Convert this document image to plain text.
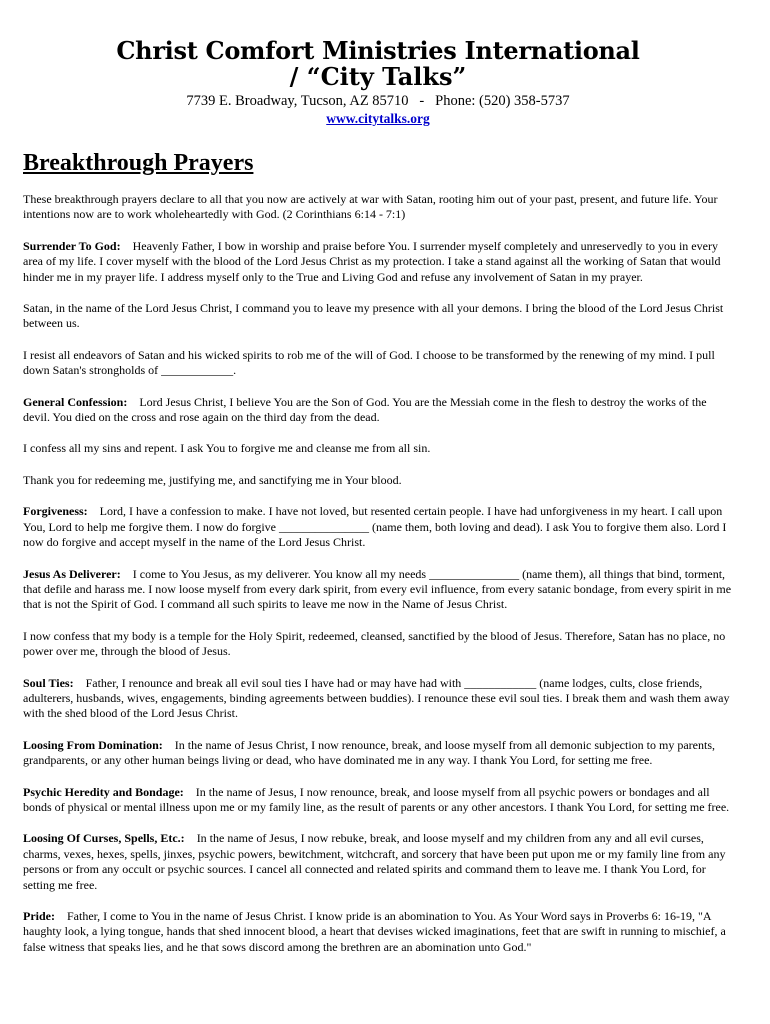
Christ Comfort Ministries International
/ “City Talks”
7739 E. Broadway, Tucson, AZ 85710   -   Phone: (520) 358-5737
www.citytalks.org
Breakthrough Prayers
These breakthrough prayers declare to all that you now are actively at war with Satan, rooting him out of your past, present, and future life. Your intentions now are to work wholeheartedly with God. (2 Corinthians 6:14 - 7:1)
Surrender To God: Heavenly Father, I bow in worship and praise before You. I surrender myself completely and unreservedly to you in every area of my life. I cover myself with the blood of the Lord Jesus Christ as my protection. I take a stand against all the working of Satan that would hinder me in my prayer life. I address myself only to the True and Living God and refuse any involvement of Satan in my prayer.
Satan, in the name of the Lord Jesus Christ, I command you to leave my presence with all your demons. I bring the blood of the Lord Jesus Christ between us.
I resist all endeavors of Satan and his wicked spirits to rob me of the will of God. I choose to be transformed by the renewing of my mind. I pull down Satan's strongholds of ____________.
General Confession: Lord Jesus Christ, I believe You are the Son of God. You are the Messiah come in the flesh to destroy the works of the devil. You died on the cross and rose again on the third day from the dead.
I confess all my sins and repent. I ask You to forgive me and cleanse me from all sin.
Thank you for redeeming me, justifying me, and sanctifying me in Your blood.
Forgiveness: Lord, I have a confession to make. I have not loved, but resented certain people. I have had unforgiveness in my heart. I call upon You, Lord to help me forgive them. I now do forgive _______________ (name them, both loving and dead). I ask You to forgive them also. Lord I now do forgive and accept myself in the name of the Lord Jesus Christ.
Jesus As Deliverer: I come to You Jesus, as my deliverer. You know all my needs _______________ (name them), all things that bind, torment, that defile and harass me. I now loose myself from every dark spirit, from every evil influence, from every satanic bondage, from every spirit in me that is not the Spirit of God. I command all such spirits to leave me now in the Name of Jesus Christ.
I now confess that my body is a temple for the Holy Spirit, redeemed, cleansed, sanctified by the blood of Jesus. Therefore, Satan has no place, no power over me, through the blood of Jesus.
Soul Ties: Father, I renounce and break all evil soul ties I have had or may have had with ____________ (name lodges, cults, close friends, adulterers, husbands, wives, engagements, binding agreements between buddies). I renounce these evil soul ties. I break them and wash them away with the shed blood of the Lord Jesus Christ.
Loosing From Domination: In the name of Jesus Christ, I now renounce, break, and loose myself from all demonic subjection to my parents, grandparents, or any other human beings living or dead, who have dominated me in any way. I thank You Lord, for setting me free.
Psychic Heredity and Bondage: In the name of Jesus, I now renounce, break, and loose myself from all psychic powers or bondages and all bonds of physical or mental illness upon me or my family line, as the result of parents or any other ancestors. I thank You Lord, for setting me free.
Loosing Of Curses, Spells, Etc.: In the name of Jesus, I now rebuke, break, and loose myself and my children from any and all evil curses, charms, vexes, hexes, spells, jinxes, psychic powers, bewitchment, witchcraft, and sorcery that have been put upon me or my family line from any persons or from any occult or psychic sources. I cancel all connected and related spirits and command them to leave me. I thank You Lord, for setting me free.
Pride: Father, I come to You in the name of Jesus Christ. I know pride is an abomination to You. As Your Word says in Proverbs 6: 16-19, "A haughty look, a lying tongue, hands that shed innocent blood, a heart that devises wicked imaginations, feet that are swift in running to mischief, a false witness that speaks lies, and he that sows discord among the brethren are an abomination unto God."
